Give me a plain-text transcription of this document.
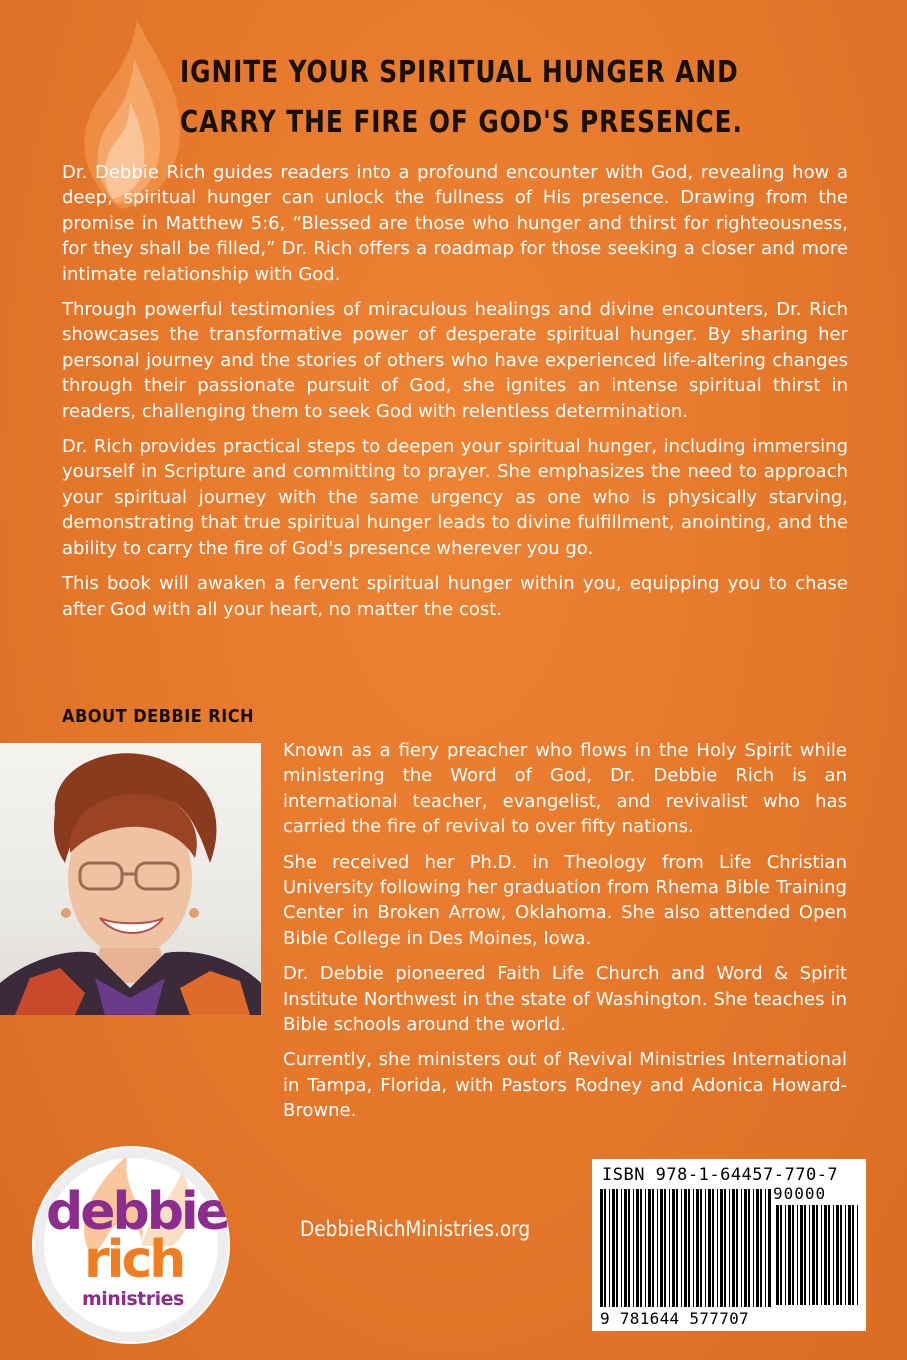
IGNITE YOUR SPIRITUAL HUNGER AND
CARRY THE FIRE OF GOD'S PRESENCE.

Dr. Debbie Rich guides readers into a profound encounter with God, revealing how a deep, spiritual hunger can unlock the fullness of His presence. Drawing from the promise in Matthew 5:6, “Blessed are those who hunger and thirst for righteousness, for they shall be filled,” Dr. Rich offers a roadmap for those seeking a closer and more intimate relationship with God.

Through powerful testimonies of miraculous healings and divine encounters, Dr. Rich showcases the transformative power of desperate spiritual hunger. By sharing her personal journey and the stories of others who have experienced life-altering changes through their passionate pursuit of God, she ignites an intense spiritual thirst in readers, challenging them to seek God with relentless determination.

Dr. Rich provides practical steps to deepen your spiritual hunger, including immersing yourself in Scripture and committing to prayer. She emphasizes the need to approach your spiritual journey with the same urgency as one who is physically starving, demonstrating that true spiritual hunger leads to divine fulfillment, anointing, and the ability to carry the fire of God's presence wherever you go.

This book will awaken a fervent spiritual hunger within you, equipping you to chase after God with all your heart, no matter the cost.

ABOUT DEBBIE RICH

Known as a fiery preacher who flows in the Holy Spirit while ministering the Word of God, Dr. Debbie Rich is an international teacher, evangelist, and revivalist who has carried the fire of revival to over fifty nations.

She received her Ph.D. in Theology from Life Christian University following her graduation from Rhema Bible Training Center in Broken Arrow, Oklahoma. She also attended Open Bible College in Des Moines, Iowa.

Dr. Debbie pioneered Faith Life Church and Word & Spirit Institute Northwest in the state of Washington. She teaches in Bible schools around the world.

Currently, she ministers out of Revival Ministries International in Tampa, Florida, with Pastors Rodney and Adonica Howard-Browne.

debbie
rich
ministries
DebbieRichMinistries.org
ISBN 978-1-64457-770-7
90000
9 781644 577707
